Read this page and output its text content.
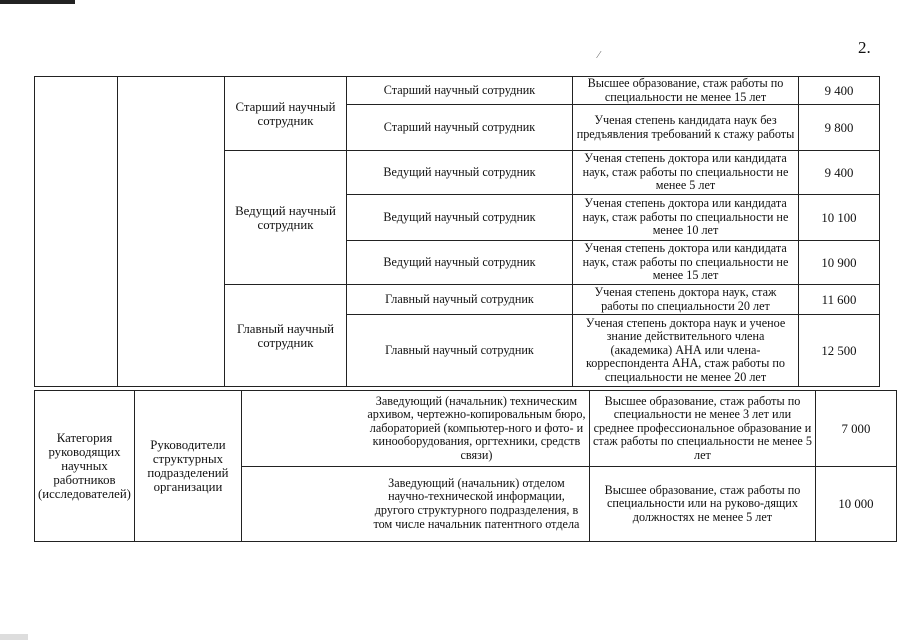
⁄	2.
		Старший научный сотрудник	Старший научный сотрудник	Высшее образование, стаж работы по специальности не менее 15 лет	9 400
			Старший научный сотрудник	Ученая степень кандидата наук без предъявления требований к стажу работы	9 800
		Ведущий научный сотрудник	Ведущий научный сотрудник	Ученая степень доктора или кандидата наук, стаж работы по специальности не менее 5 лет	9 400
			Ведущий научный сотрудник	Ученая степень доктора или кандидата наук, стаж работы по специальности не менее 10 лет	10 100
			Ведущий научный сотрудник	Ученая степень доктора или кандидата наук, стаж работы по специальности не менее 15 лет	10 900
		Главный научный сотрудник	Главный научный сотрудник	Ученая степень доктора наук, стаж работы по специальности 20 лет	11 600
			Главный научный сотрудник	Ученая степень доктора наук и ученое знание действительного члена (академика) АНА или члена-корреспондента АНА, стаж работы по специальности не менее 20 лет	12 500
Категория руководящих научных работников (исследователей)	Руководители структурных подразделений организации	Заведующий (начальник) техническим архивом, чертежно-копировальным бюро, лабораторией (компьютер-ного и фото- и кинооборудования, оргтехники, средств связи)	Высшее образование, стаж работы по специальности не менее 3 лет или среднее профессиональное образование и стаж работы по специальности не менее 5 лет	7 000
		Заведующий (начальник) отделом научно-технической информации, другого структурного подразделения, в том числе начальник патентного отдела	Высшее образование, стаж работы по специальности или на руково-дящих должностях не менее 5 лет	10 000
